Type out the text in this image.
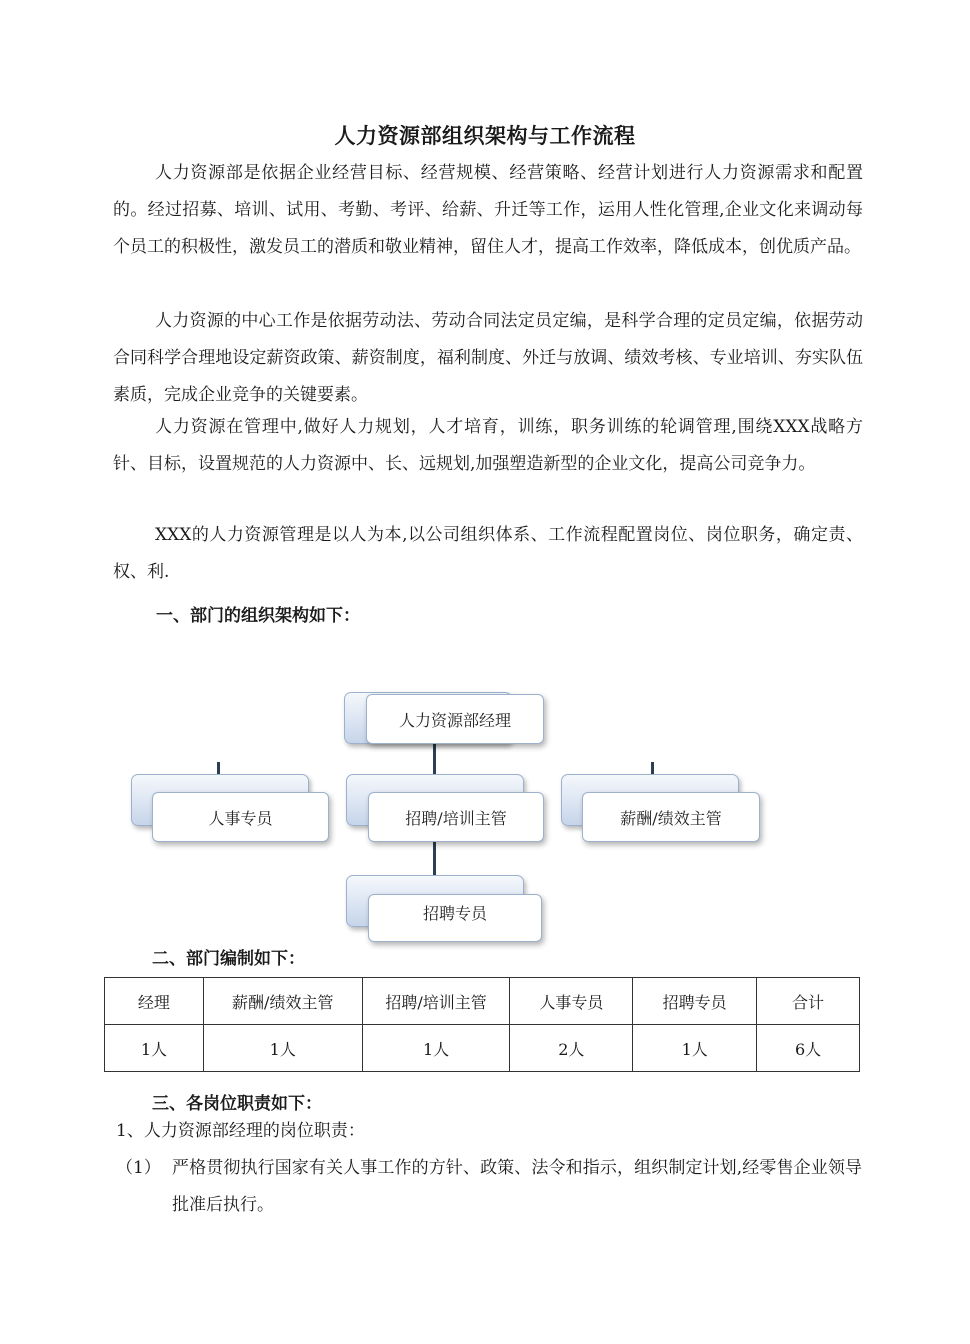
人力资源部组织架构与工作流程

人力资源部是依据企业经营目标、经营规模、经营策略、经营计划进行人力资源需求和配置的。经过招募、培训、试用、考勤、考评、给薪、升迁等工作，运用人性化管理,企业文化来调动每个员工的积极性，激发员工的潜质和敬业精神，留住人才，提高工作效率，降低成本，创优质产品。

人力资源的中心工作是依据劳动法、劳动合同法定员定编，是科学合理的定员定编，依据劳动合同科学合理地设定薪资政策、薪资制度，福利制度、外迁与放调、绩效考核、专业培训、夯实队伍素质，完成企业竞争的关键要素。

人力资源在管理中,做好人力规划，人才培育，训练，职务训练的轮调管理,围绕XXX战略方针、目标，设置规范的人力资源中、长、远规划,加强塑造新型的企业文化，提高公司竞争力。

XXX的人力资源管理是以人为本,以公司组织体系、工作流程配置岗位、岗位职务，确定责、权、利.

一、部门的组织架构如下：
人力资源部经理
人事专员	招聘/培训主管	薪酬/绩效主管
招聘专员
二、部门编制如下：
经理	薪酬/绩效主管	招聘/培训主管	人事专员	招聘专员	合计
1人	1人	1人	2人	1人	6人
三、各岗位职责如下：
1、人力资源部经理的岗位职责：
（1） 严格贯彻执行国家有关人事工作的方针、政策、法令和指示，组织制定计划,经零售企业领导批准后执行。
